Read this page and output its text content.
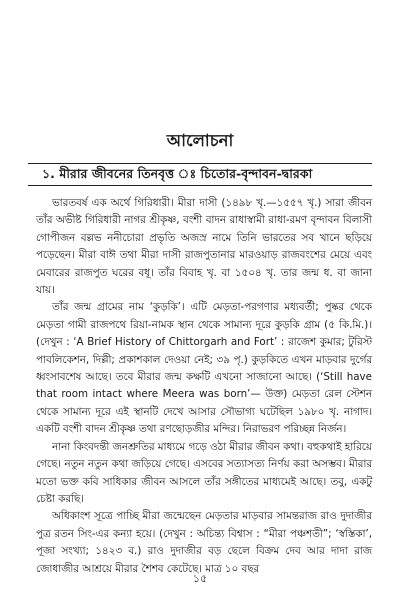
আলোচনা
১. মীরার জীবনের তিনবৃত্ত ঃ চিতোর-বৃন্দাবন-দ্বারকা

ভারতবর্ষ এক অর্থে গিরিধারী। মীরা দাসী (১৪৯৮ খৃ.—১৫৫৭ খৃ.) সারা জীবন তাঁর অভীষ্ট গিরিধারী নাগর শ্রীকৃষ্ণ, বংশী বাদন রাধাস্বামী রাধা-রমণ বৃন্দাবন বিলাসী গোপীজন বল্লভ ননীচোরা প্রভৃতি অজস্র নামে তিনি ভারতের সব খানে ছড়িয়ে পড়েছেন। মীরা বাঈ তথা মীরা দাসী রাজপুতানার মারওয়াড় রাজবংশের মেয়ে এবং মেবারের রাজপুত ঘরের বধূ। তাঁর বিবাহ খৃ. বা ১৫০৪ খৃ. তার জন্ম ধ. বা জানা যায়।

তাঁর জন্ম গ্রামের নাম ‘কুড়কি’। এটি মেড়তা-পরগণার মধ্যবর্তী; পুষ্কর থেকে মেড়তা গামী রাজপথে রিয়া-নামক স্থান থেকে সামান্য দূরে কুড়কি গ্রাম (৫ কি.মি.)। (দেখুন : ‘A Brief History of Chittorgarh and Fort’ : রাজেশ কুমার; টুরিস্ট পাবলিকেশন, দিল্লী; প্রকাশকাল দেওয়া নেই; ৩৯ পৃ.) কুড়কিতে এখন মাড়বার দুর্গের ধ্বংসাবশেষ আছে। তবে মীরার জন্ম কক্ষটি এখনো সাজানো আছে। (‘Still have that room intact where Meera was born’— উক্ত) মেড়তা রেল স্টেশন থেকে সামান্য দূরে এই স্থানটি দেখে আসার সৌভাগ্য ঘটেছিল ১৯৮০ খৃ. নাগাদ। একটি বংশী বাদন শ্রীকৃষ্ণ তথা রণছোড়জীর মন্দির। নিরাভরণ পরিচ্ছন্ন নির্জন।

নানা কিংবদন্তী জনশ্রুতির মাধ্যমে গড়ে ওঠা মীরার জীবন কথা। বহুকথাই হারিয়ে গেছে। নতুন নতুন কথা জড়িয়ে গেছে। এসবের সত্যাসত্য নির্ণয় করা অসম্ভব। মীরার মতো ভক্ত কবি সাধিকার জীবন আসলে তাঁর সঙ্গীতের মাধ্যমেই আছে। তবু, একটু চেষ্টা করছি।

অধিকাংশ সূত্রে পাচ্ছি মীরা জন্মেছেন মেড়তার মাড়বার সামন্তরাজ রাও দুদাজীর পুত্র রতন সিং-এর কন্যা হয়ে। (দেখুন : অচিন্ত্য বিশ্বাস : “মীরা পঞ্চশতী”; ‘স্বস্তিকা’, পূজা সংখ্যা; ১৪২৩ ব.) রাও দুদাজীর বড় ছেলে বিক্রম দেব আর দাদা রাজ জোধাজীর আশ্রয়ে মীরার শৈশব কেটেছে। মাত্র ১০ বছর

১৫
